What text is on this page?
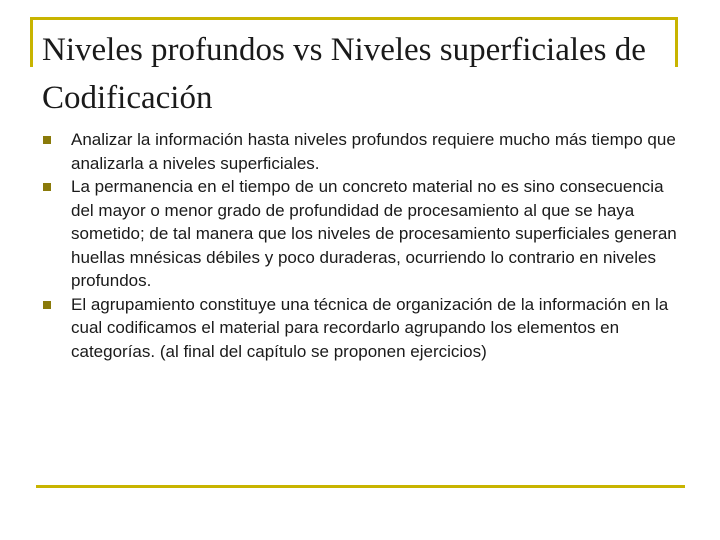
Niveles profundos vs Niveles superficiales de Codificación
Analizar la información hasta niveles profundos requiere mucho más tiempo que analizarla a niveles superficiales.
La permanencia en el tiempo de un concreto material no es sino consecuencia del mayor o menor grado de profundidad de procesamiento al que se haya sometido; de tal manera que los niveles de procesamiento superficiales generan huellas mnésicas débiles y poco duraderas, ocurriendo lo contrario en niveles profundos.
El agrupamiento constituye una técnica de organización de la información en la cual codificamos el material para recordarlo agrupando los elementos en categorías. (al final del capítulo se proponen ejercicios)
